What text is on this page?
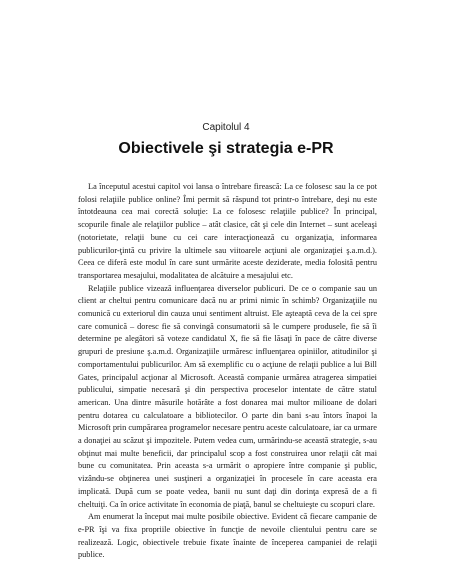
Capitolul 4
Obiectivele şi strategia e-PR

La începutul acestui capitol voi lansa o întrebare firească: La ce folosesc sau la ce pot folosi relaţiile publice online? Îmi permit să răspund tot printr-o întrebare, deşi nu este întotdeauna cea mai corectă soluţie: La ce folosesc relaţiile publice? În principal, scopurile finale ale relaţiilor publice – atât clasice, cât şi cele din Internet – sunt aceleaşi (notorietate, relaţii bune cu cei care interacţionează cu organizaţia, informarea publicurilor-ţintă cu privire la ultimele sau viitoarele acţiuni ale organizaţiei ş.a.m.d.). Ceea ce diferă este modul în care sunt urmărite aceste deziderate, media folosită pentru transportarea mesajului, modalitatea de alcătuire a mesajului etc.

Relaţiile publice vizează influenţarea diverselor publicuri. De ce o companie sau un client ar cheltui pentru comunicare dacă nu ar primi nimic în schimb? Organizaţiile nu comunică cu exteriorul din cauza unui sentiment altruist. Ele aşteaptă ceva de la cei spre care comunică – doresc fie să convingă consumatorii să le cumpere produsele, fie să îi determine pe alegători să voteze candidatul X, fie să fie lăsaţi în pace de către diverse grupuri de presiune ş.a.m.d. Organizaţiile urmăresc influenţarea opiniilor, atitudinilor şi comportamentului publicurilor. Am să exemplific cu o acţiune de relaţii publice a lui Bill Gates, principalul acţionar al Microsoft. Această companie urmărea atragerea simpatiei publicului, simpatie necesară şi din perspectiva proceselor intentate de către statul american. Una dintre măsurile hotărâte a fost donarea mai multor milioane de dolari pentru dotarea cu calculatoare a bibliotecilor. O parte din bani s-au întors înapoi la Microsoft prin cumpărarea programelor necesare pentru aceste calculatoare, iar ca urmare a donaţiei au scăzut şi impozitele. Putem vedea cum, urmărindu-se această strategie, s-au obţinut mai multe beneficii, dar principalul scop a fost construirea unor relaţii cât mai bune cu comunitatea. Prin aceasta s-a urmărit o apropiere între companie şi public, vizându-se obţinerea unei susţineri a organizaţiei în procesele în care aceasta era implicată. După cum se poate vedea, banii nu sunt daţi din dorinţa expresă de a fi cheltuiţi. Ca în orice activitate în economia de piaţă, banul se cheltuieşte cu scopuri clare.

Am enumerat la început mai multe posibile obiective. Evident că fiecare campanie de e-PR îşi va fixa propriile obiective în funcţie de nevoile clientului pentru care se realizează. Logic, obiectivele trebuie fixate înainte de începerea campaniei de relaţii publice.
